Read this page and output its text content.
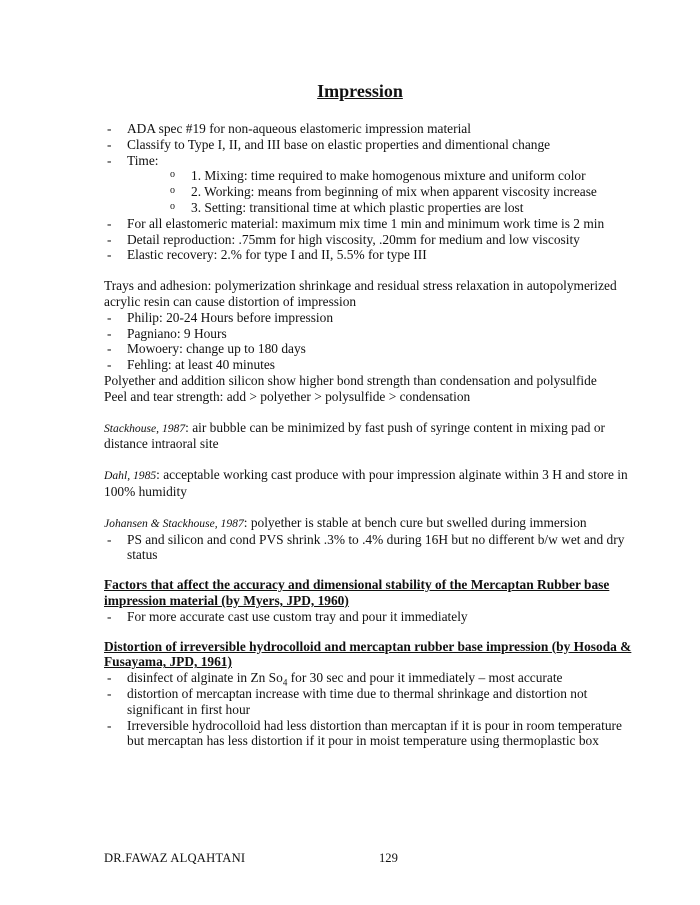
Impression
- ADA spec #19 for non-aqueous elastomeric impression material
- Classify to Type I, II, and III base on elastic properties and dimentional change
- Time:
o 1. Mixing: time required to make homogenous mixture and uniform color
o 2. Working: means from beginning of mix when apparent viscosity increase
o 3. Setting: transitional time at which plastic properties are lost
- For all elastomeric material: maximum mix time 1 min and minimum work time is 2 min
- Detail reproduction: .75mm for high viscosity, .20mm for medium and low viscosity
- Elastic recovery: 2.% for type I and II, 5.5% for type III

Trays and adhesion: polymerization shrinkage and residual stress relaxation in autopolymerized acrylic resin can cause distortion of impression

- Philip: 20-24 Hours before impression
- Pagniano: 9 Hours
- Mowoery: change up to 180 days
- Fehling: at least 40 minutes

Polyether and addition silicon show higher bond strength than condensation and polysulfide

Peel and tear strength: add > polyether > polysulfide > condensation

Stackhouse, 1987: air bubble can be minimized by fast push of syringe content in mixing pad or distance intraoral site

Dahl, 1985: acceptable working cast produce with pour impression alginate within 3 H and store in 100% humidity

Johansen & Stackhouse, 1987: polyether is stable at bench cure but swelled during immersion

- PS and silicon and cond PVS shrink .3% to .4% during 16H but no different b/w wet and dry status

Factors that affect the accuracy and dimensional stability of the Mercaptan Rubber base impression material (by Myers, JPD, 1960)

- For more accurate cast use custom tray and pour it immediately

Distortion of irreversible hydrocolloid and mercaptan rubber base impression (by Hosoda & Fusayama, JPD, 1961)

- disinfect of alginate in Zn $So_4$ for 30 sec and pour it immediately – most accurate
- distortion of mercaptan increase with time due to thermal shrinkage and distortion not significant in first hour
- Irreversible hydrocolloid had less distortion than mercaptan if it is pour in room temperature but mercaptan has less distortion if it pour in moist temperature using thermoplastic box
DR.FAWAZ ALQAHTANI	129
